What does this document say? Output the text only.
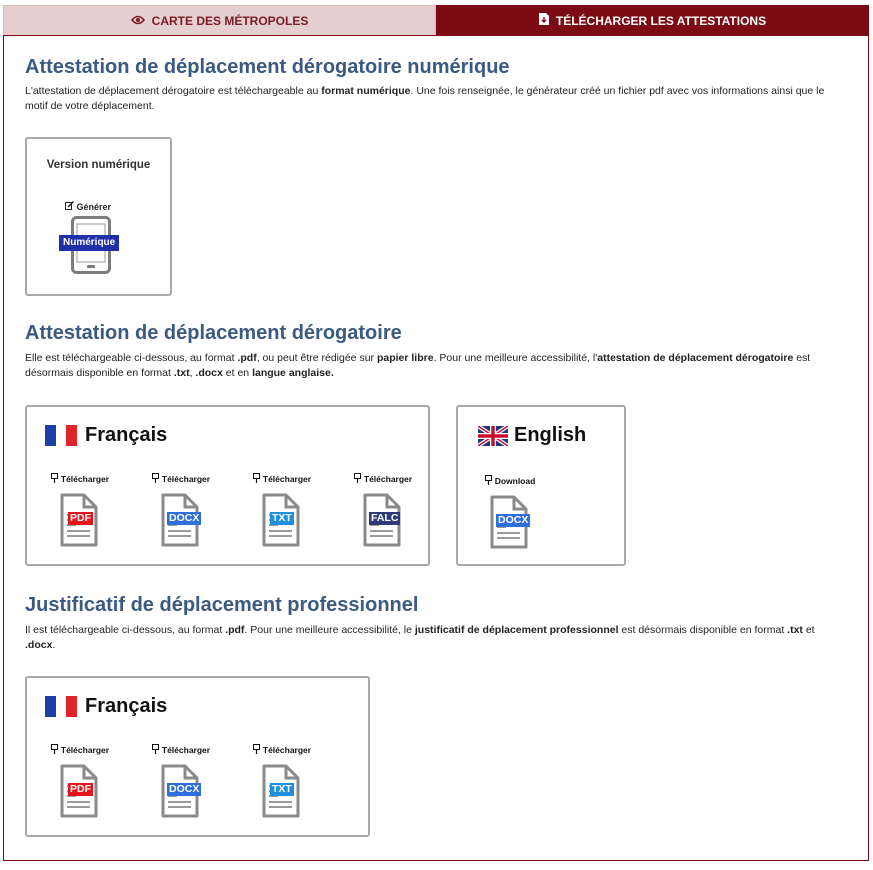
CARTE DES MÉTROPOLES	TÉLÉCHARGER LES ATTESTATIONS
Attestation de déplacement dérogatoire numérique
L'attestation de déplacement dérogatoire est téléchargeable au format numérique. Une fois renseignée, le générateur créé un fichier pdf avec vos informations ainsi que le motif de votre déplacement.
Version numérique
Générer
Numérique
Attestation de déplacement dérogatoire
Elle est téléchargeable ci-dessous, au format .pdf, ou peut être rédigée sur papier libre. Pour une meilleure accessibilité, l'attestation de déplacement dérogatoire est désormais disponible en format .txt, .docx et en langue anglaise.
Français
Télécharger
PDF
Télécharger
DOCX
Télécharger
TXT
Télécharger
FALC
English
Download
DOCX
Justificatif de déplacement professionnel
Il est téléchargeable ci-dessous, au format .pdf. Pour une meilleure accessibilité, le justificatif de déplacement professionnel est désormais disponible en format .txt et .docx.
Français
Télécharger
PDF
Télécharger
DOCX
Télécharger
TXT
